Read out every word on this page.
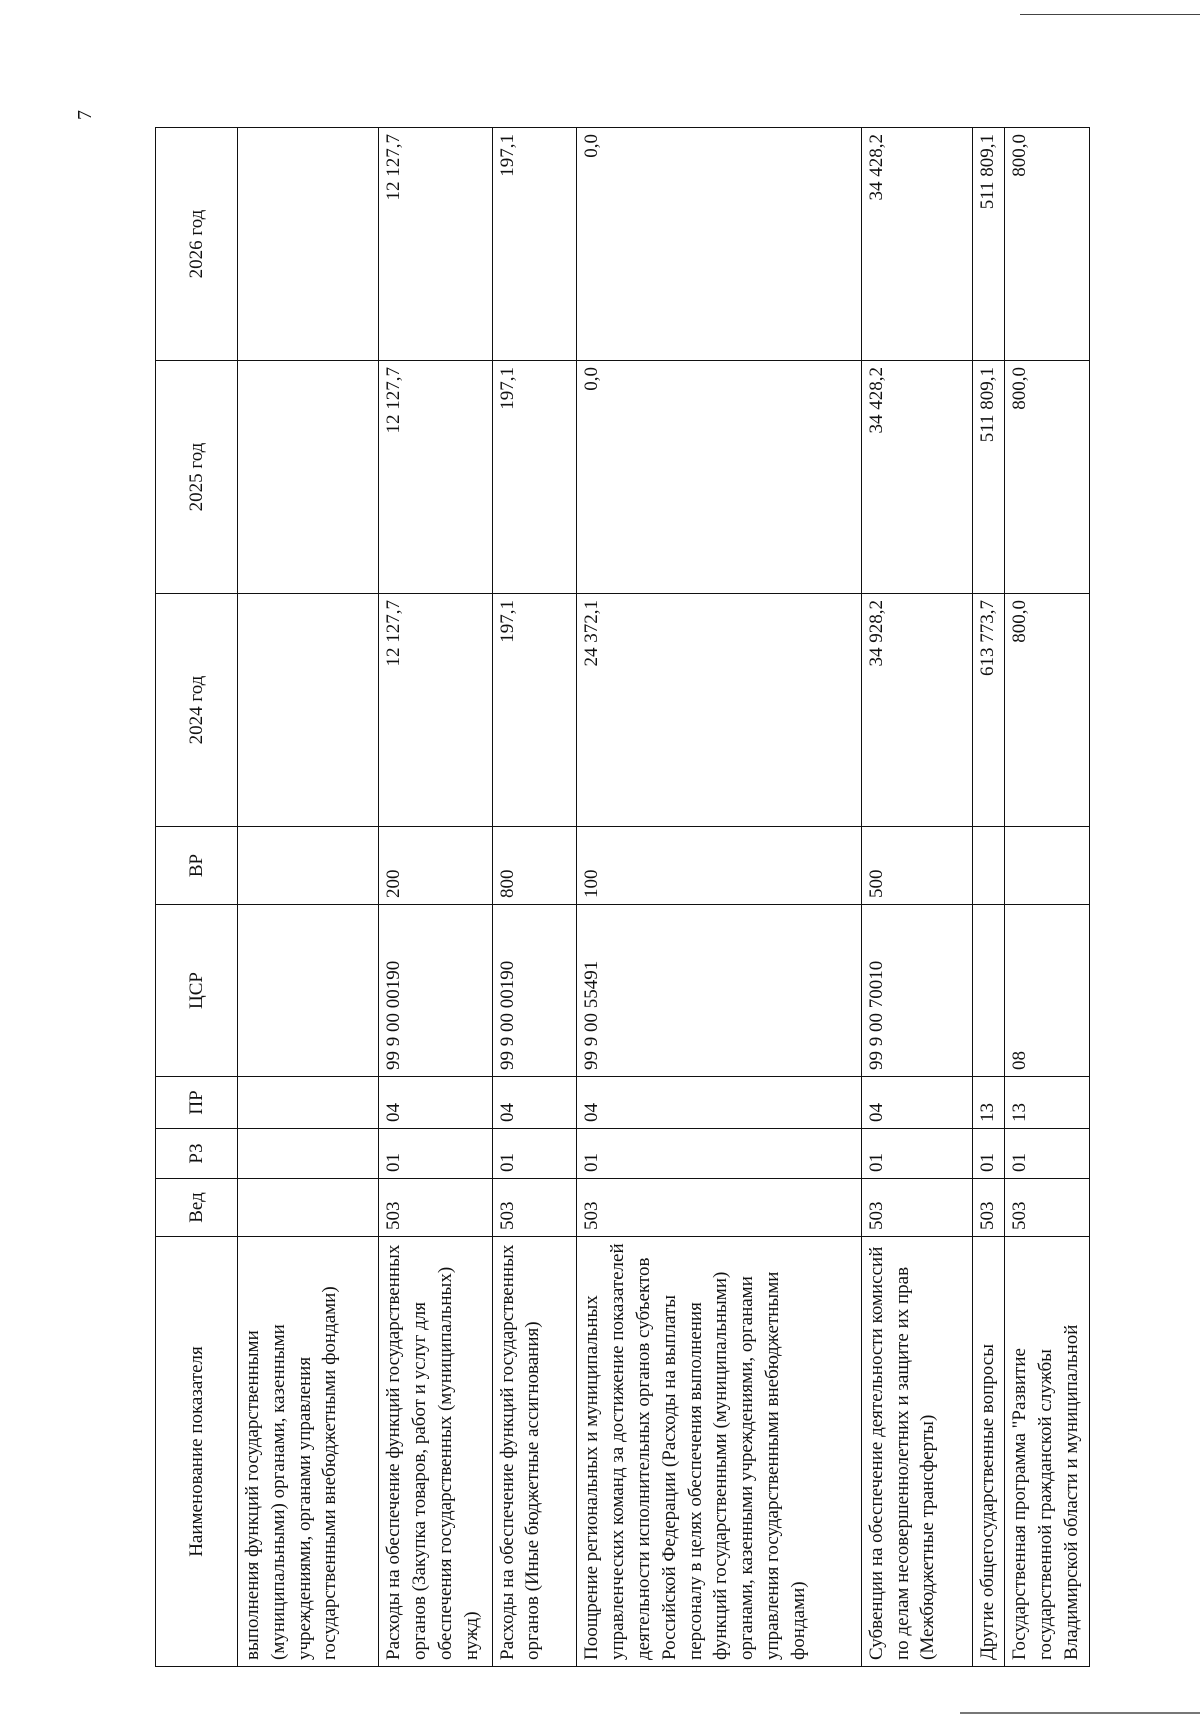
7
Наименование показателя	Вед	РЗ	ПР	ЦСР	ВР	2024 год	2025 год	2026 год
выполнения функций государственными (муниципальными) органами, казенными учреждениями, органами управления государственными внебюджетными фондами)								
Расходы на обеспечение функций государственных органов (Закупка товаров, работ и услуг для обеспечения государственных (муниципальных) нужд)	503	01	04	99 9 00 00190	200	12 127,7	12 127,7	12 127,7
Расходы на обеспечение функций государственных органов (Иные бюджетные ассигнования)	503	01	04	99 9 00 00190	800	197,1	197,1	197,1
Поощрение региональных и муниципальных управленческих команд за достижение показателей деятельности исполнительных органов субъектов Российской Федерации (Расходы на выплаты персоналу в целях обеспечения выполнения функций государственными (муниципальными) органами, казенными учреждениями, органами управления государственными внебюджетными фондами)	503	01	04	99 9 00 55491	100	24 372,1	0,0	0,0
Субвенции на обеспечение деятельности комиссий по делам несовершеннолетних и защите их прав (Межбюджетные трансферты)	503	01	04	99 9 00 70010	500	34 928,2	34 428,2	34 428,2
Другие общегосударственные вопросы	503	01	13			613 773,7	511 809,1	511 809,1
Государственная программа "Развитие государственной гражданской службы Владимирской области и муниципальной	503	01	13	08		800,0	800,0	800,0
